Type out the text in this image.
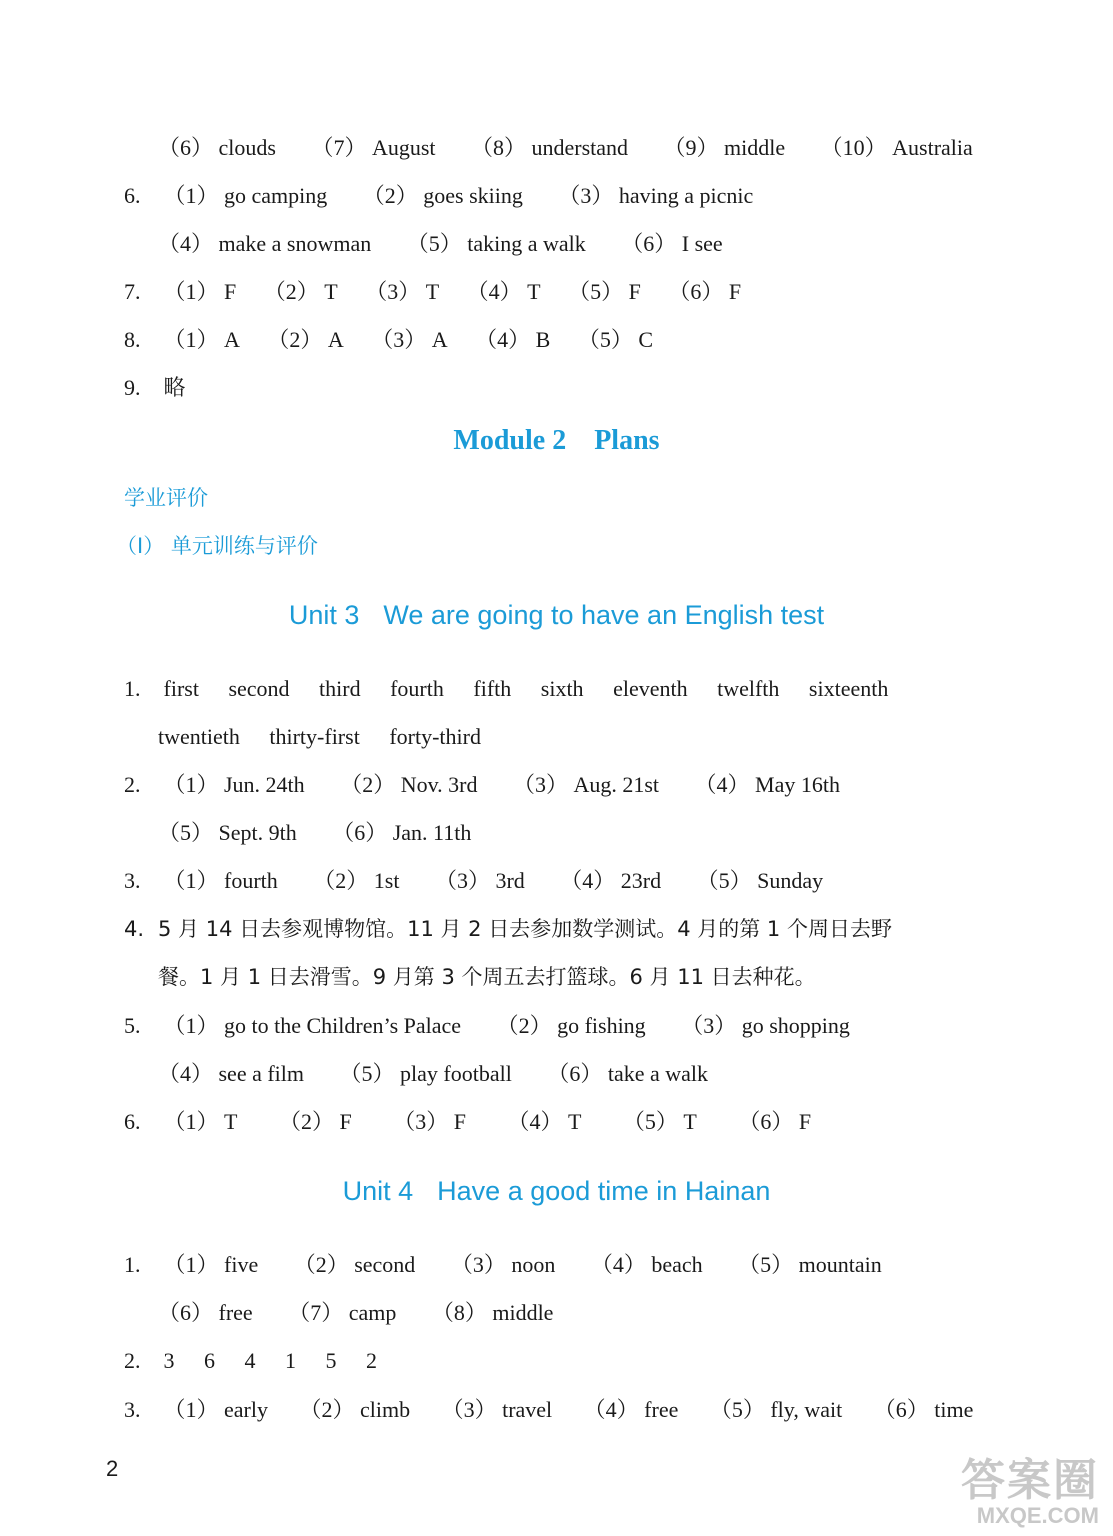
（6） clouds （7） August （8） understand （9） middle （10） Australia
6. （1） go camping （2） goes skiing （3） having a picnic
（4） make a snowman （5） taking a walk （6） I see
7. （1） F （2） T （3） T （4） T （5） F （6） F
8. （1） A （2） A （3） A （4） B （5） C
9. 略
Module 2 Plans
学业评价
（Ⅰ） 单元训练与评价
Unit 3 We are going to have an English test
1. first second third fourth fifth sixth eleventh twelfth sixteenth
twentieth thirty-first forty-third
2. （1） Jun. 24th （2） Nov. 3rd （3） Aug. 21st （4） May 16th
（5） Sept. 9th （6） Jan. 11th
3. （1） fourth （2） 1st （3） 3rd （4） 23rd （5） Sunday
4. 5 月 14 日去参观博物馆。11 月 2 日去参加数学测试。4 月的第 1 个周日去野
餐。1 月 1 日去滑雪。9 月第 3 个周五去打篮球。6 月 11 日去种花。
5. （1） go to the Children’s Palace （2） go fishing （3） go shopping
（4） see a film （5） play football （6） take a walk
6. （1） T （2） F （3） F （4） T （5） T （6） F
Unit 4 Have a good time in Hainan
1. （1） five （2） second （3） noon （4） beach （5） mountain
（6） free （7） camp （8） middle
2. 3 6 4 1 5 2
3. （1） early （2） climb （3） travel （4） free （5） fly, wait （6） time
2	答案圈
MXQE.COM
